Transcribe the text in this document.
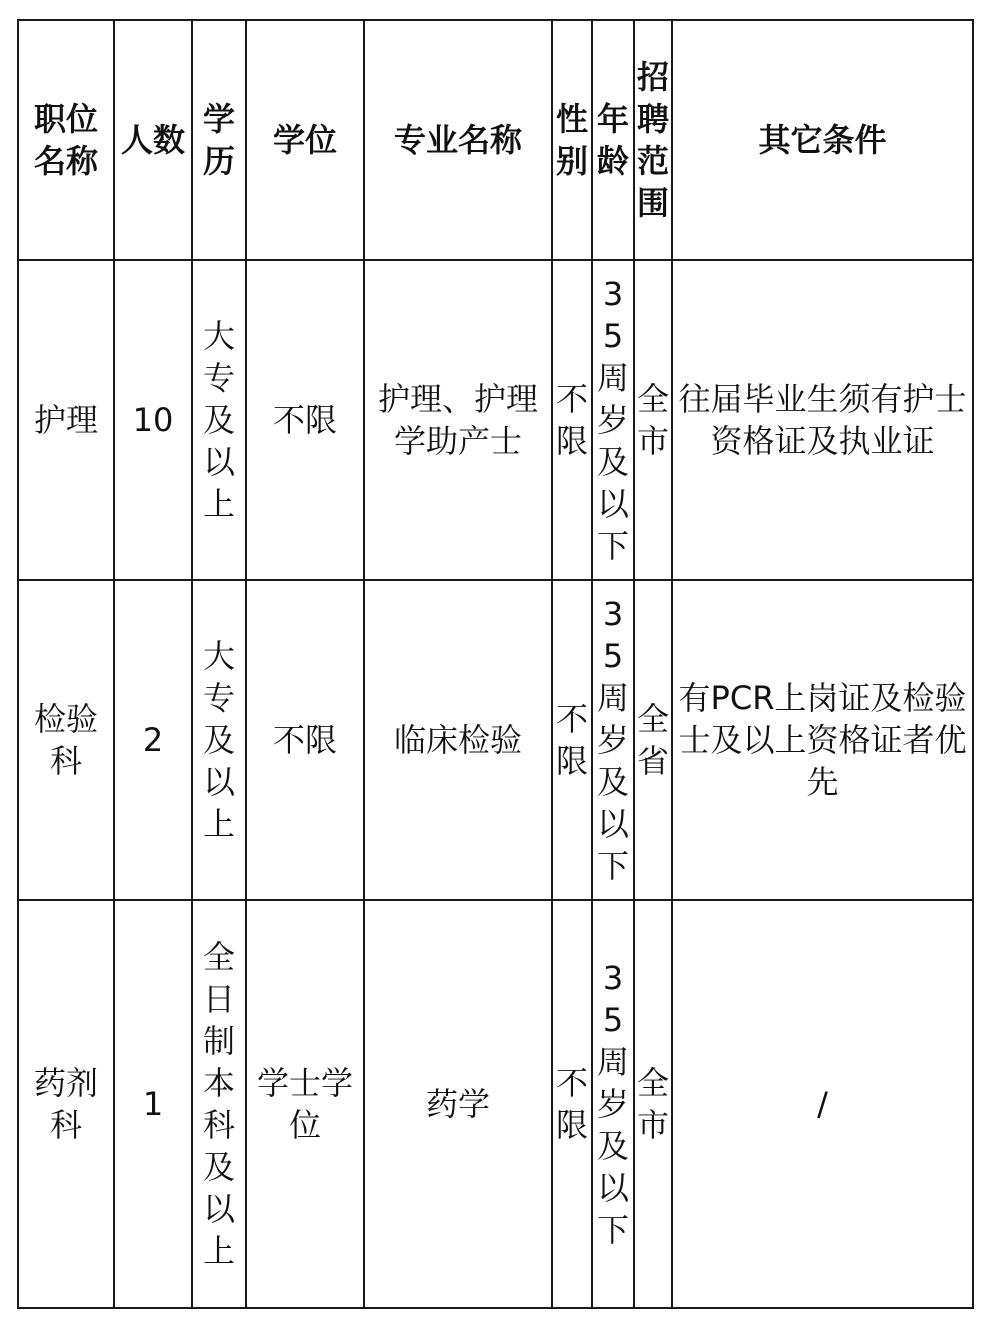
职位名称	人数	学历	学位	专业名称	性别	年龄	招聘范围	其它条件
护理	10	大专及以上	不限	护理、护理学助产士	不限	35周岁及以下	全市	往届毕业生须有护士资格证及执业证
检验科	2	大专及以上	不限	临床检验	不限	35周岁及以下	全省	有PCR上岗证及检验士及以上资格证者优先
药剂科	1	全日制本科及以上	学士学位	药学	不限	35周岁及以下	全市	/
